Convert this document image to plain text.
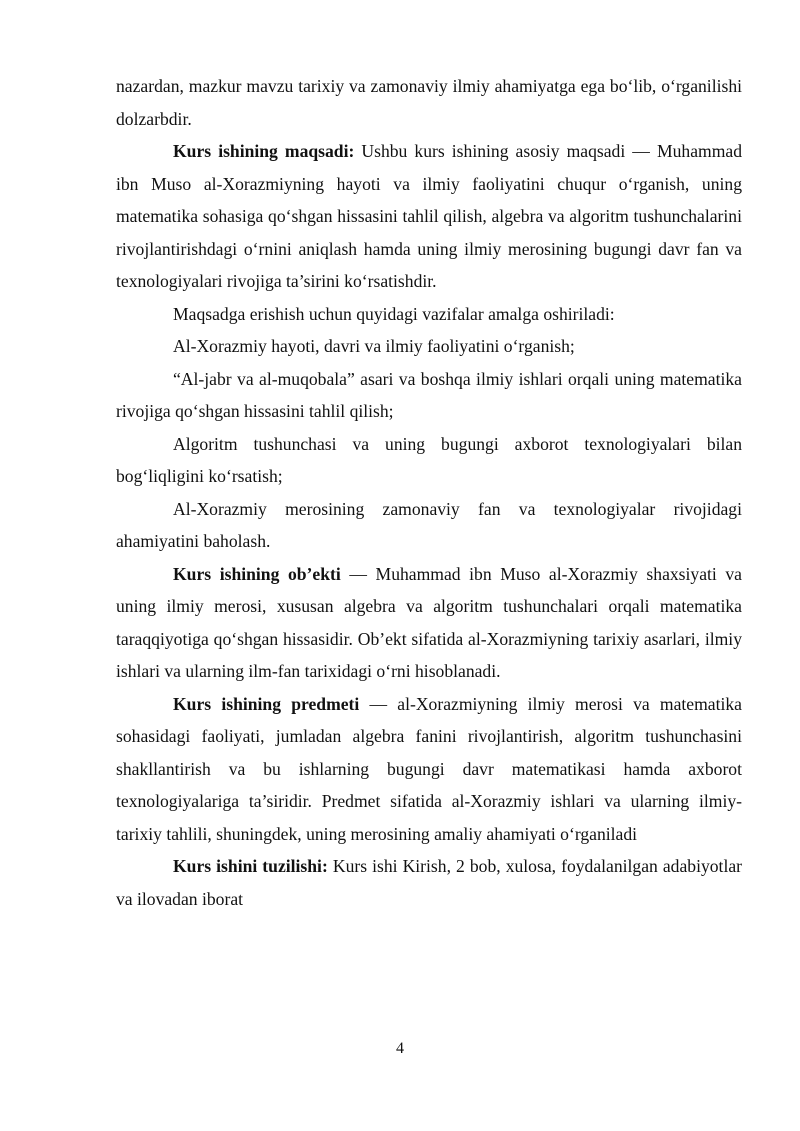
nazardan, mazkur mavzu tarixiy va zamonaviy ilmiy ahamiyatga ega bo‘lib, o‘rganilishi dolzarbdir.

Kurs ishining maqsadi: Ushbu kurs ishining asosiy maqsadi — Muhammad ibn Muso al-Xorazmiyning hayoti va ilmiy faoliyatini chuqur o‘rganish, uning matematika sohasiga qo‘shgan hissasini tahlil qilish, algebra va algoritm tushunchalarini rivojlantirishdagi o‘rnini aniqlash hamda uning ilmiy merosining bugungi davr fan va texnologiyalari rivojiga ta’sirini ko‘rsatishdir.

Maqsadga erishish uchun quyidagi vazifalar amalga oshiriladi:

Al-Xorazmiy hayoti, davri va ilmiy faoliyatini o‘rganish;

“Al-jabr va al-muqobala” asari va boshqa ilmiy ishlari orqali uning matematika rivojiga qo‘shgan hissasini tahlil qilish;

Algoritm tushunchasi va uning bugungi axborot texnologiyalari bilan bog‘liqligini ko‘rsatish;

Al-Xorazmiy merosining zamonaviy fan va texnologiyalar rivojidagi ahamiyatini baholash.

Kurs ishining ob’ekti — Muhammad ibn Muso al-Xorazmiy shaxsiyati va uning ilmiy merosi, xususan algebra va algoritm tushunchalari orqali matematika taraqqiyotiga qo‘shgan hissasidir. Ob’ekt sifatida al-Xorazmiyning tarixiy asarlari, ilmiy ishlari va ularning ilm-fan tarixidagi o‘rni hisoblanadi.

Kurs ishining predmeti — al-Xorazmiyning ilmiy merosi va matematika sohasidagi faoliyati, jumladan algebra fanini rivojlantirish, algoritm tushunchasini shakllantirish va bu ishlarning bugungi davr matematikasi hamda axborot texnologiyalariga ta’siridir. Predmet sifatida al-Xorazmiy ishlari va ularning ilmiy-tarixiy tahlili, shuningdek, uning merosining amaliy ahamiyati o‘rganiladi

Kurs ishini tuzilishi: Kurs ishi Kirish, 2 bob, xulosa, foydalanilgan adabiyotlar va ilovadan iborat

4
